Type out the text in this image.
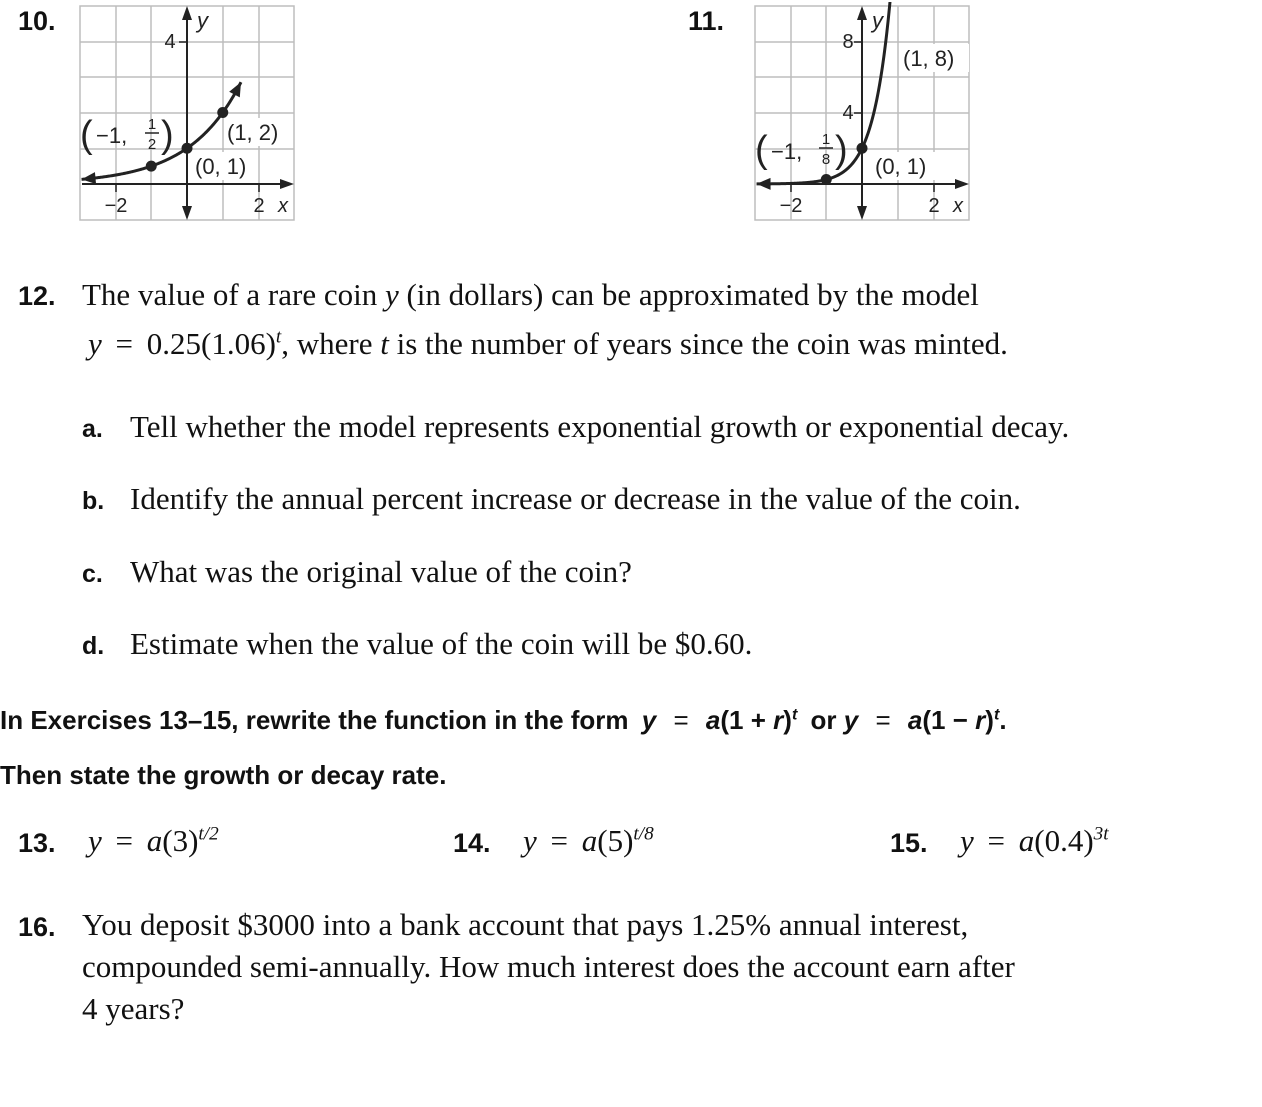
10.
−2	2 x
4
y
( −1, 1
2 )
(0, 1)
(1, 2)
11.
−2	2 x
4
8
y
( −1, 1
8 ) (0, 1)
(1, 8)
12. The value of a rare coin y (in dollars) can be approximated by the model
$y = 0.25(1.06)^t$, where t is the number of years since the coin was minted.
a. Tell whether the model represents exponential growth or exponential decay.
b. Identify the annual percent increase or decrease in the value of the coin.
c. What was the original value of the coin?
d. Estimate when the value of the coin will be $0.60.
In Exercises 13–15, rewrite the function in the form $y = a(1 + r)^t$ or $y = a(1 - r)^t$.
Then state the growth or decay rate.
13. $y = a(3)^{t/2}$	14. $y = a(5)^{t/8}$	15. $y = a(0.4)^{3t}$
16. You deposit $3000 into a bank account that pays 1.25% annual interest,
compounded semi-annually. How much interest does the account earn after
4 years?
